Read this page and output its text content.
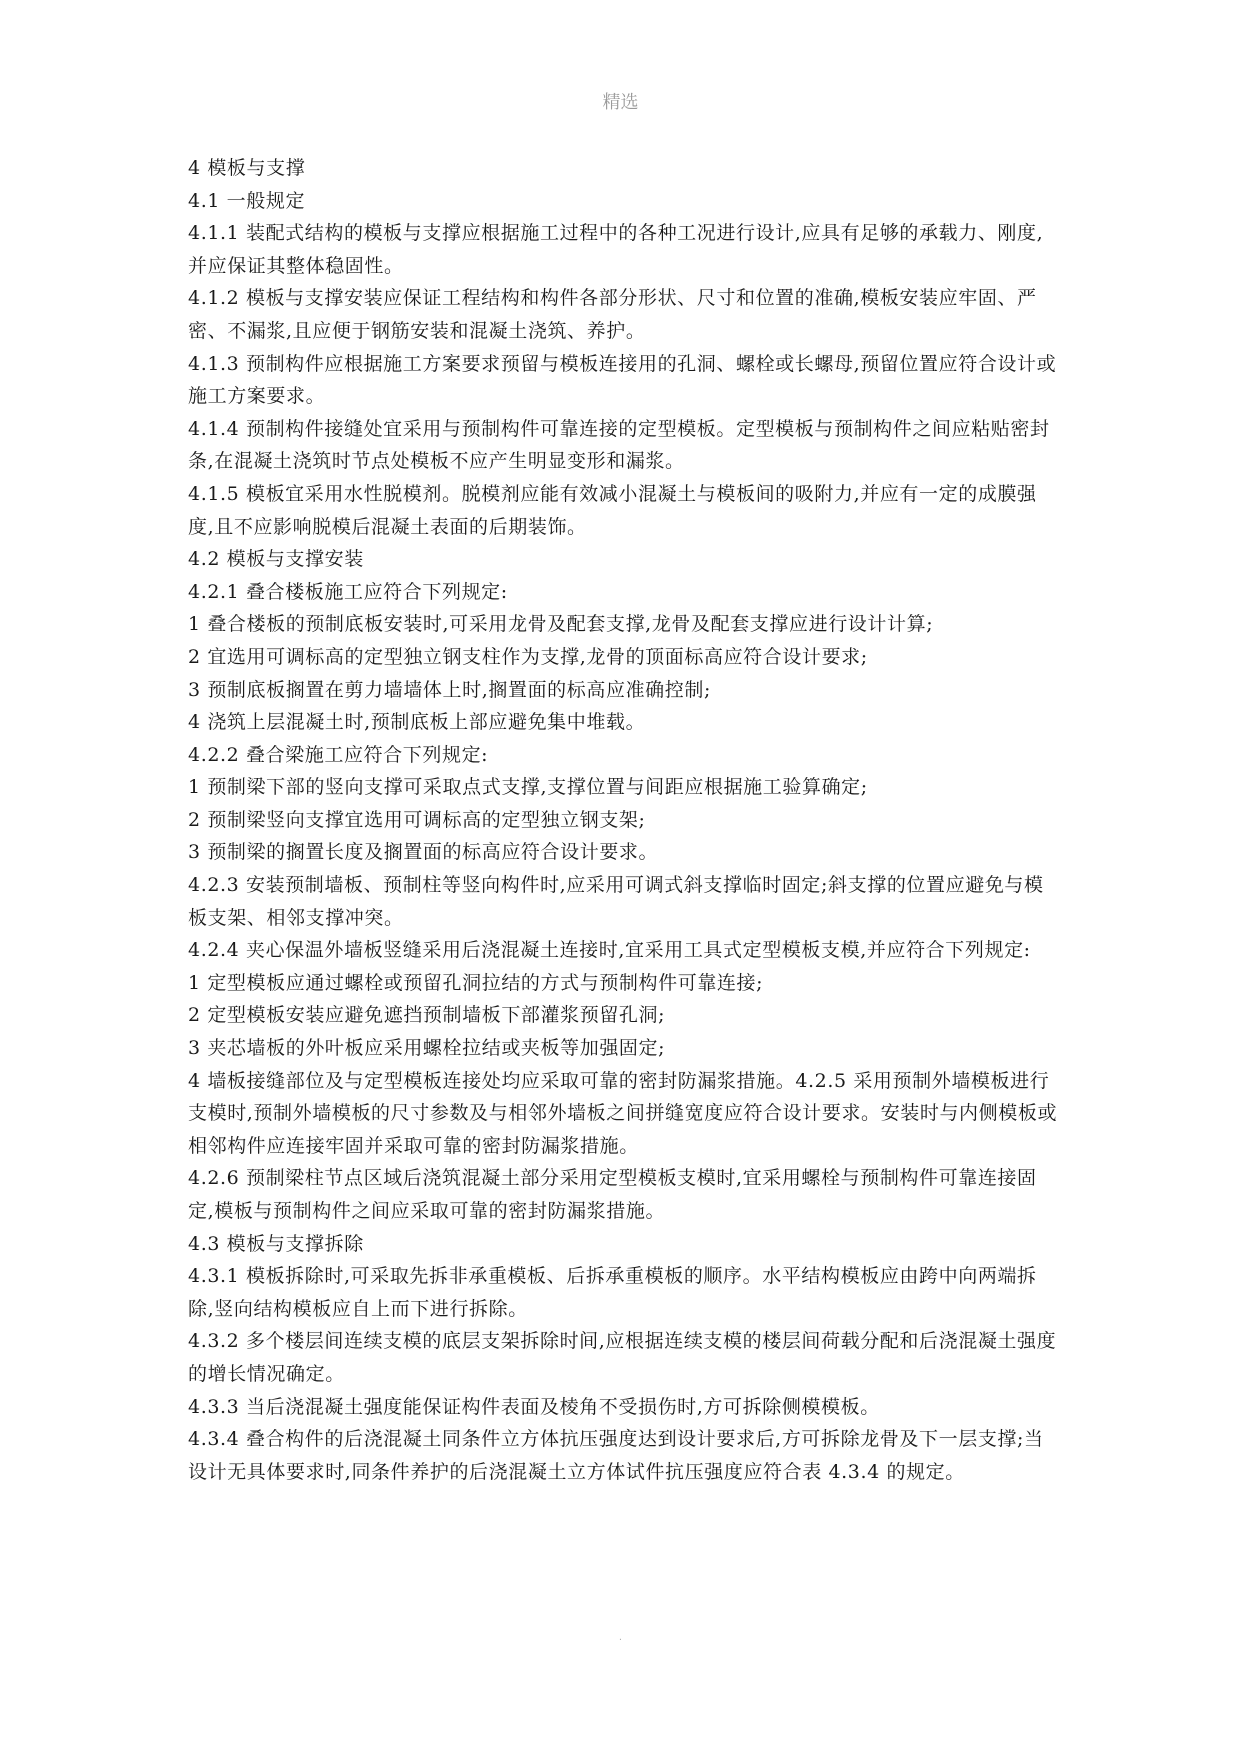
精选

4 模板与支撑

4.1 一般规定

4.1.1 装配式结构的模板与支撑应根据施工过程中的各种工况进行设计,应具有足够的承载力、刚度,并应保证其整体稳固性。

4.1.2 模板与支撑安装应保证工程结构和构件各部分形状、尺寸和位置的准确,模板安装应牢固、严密、不漏浆,且应便于钢筋安装和混凝土浇筑、养护。

4.1.3 预制构件应根据施工方案要求预留与模板连接用的孔洞、螺栓或长螺母,预留位置应符合设计或施工方案要求。

4.1.4 预制构件接缝处宜采用与预制构件可靠连接的定型模板。定型模板与预制构件之间应粘贴密封条,在混凝土浇筑时节点处模板不应产生明显变形和漏浆。

4.1.5 模板宜采用水性脱模剂。脱模剂应能有效减小混凝土与模板间的吸附力,并应有一定的成膜强度,且不应影响脱模后混凝土表面的后期装饰。

4.2 模板与支撑安装

4.2.1 叠合楼板施工应符合下列规定:

1 叠合楼板的预制底板安装时,可采用龙骨及配套支撑,龙骨及配套支撑应进行设计计算;

2 宜选用可调标高的定型独立钢支柱作为支撑,龙骨的顶面标高应符合设计要求;

3 预制底板搁置在剪力墙墙体上时,搁置面的标高应准确控制;

4 浇筑上层混凝土时,预制底板上部应避免集中堆载。

4.2.2 叠合梁施工应符合下列规定:

1 预制梁下部的竖向支撑可采取点式支撑,支撑位置与间距应根据施工验算确定;

2 预制梁竖向支撑宜选用可调标高的定型独立钢支架;

3 预制梁的搁置长度及搁置面的标高应符合设计要求。

4.2.3 安装预制墙板、预制柱等竖向构件时,应采用可调式斜支撑临时固定;斜支撑的位置应避免与模板支架、相邻支撑冲突。

4.2.4 夹心保温外墙板竖缝采用后浇混凝土连接时,宜采用工具式定型模板支模,并应符合下列规定:

1 定型模板应通过螺栓或预留孔洞拉结的方式与预制构件可靠连接;

2 定型模板安装应避免遮挡预制墙板下部灌浆预留孔洞;

3 夹芯墙板的外叶板应采用螺栓拉结或夹板等加强固定;

4 墙板接缝部位及与定型模板连接处均应采取可靠的密封防漏浆措施。4.2.5 采用预制外墙模板进行支模时,预制外墙模板的尺寸参数及与相邻外墙板之间拼缝宽度应符合设计要求。安装时与内侧模板或相邻构件应连接牢固并采取可靠的密封防漏浆措施。

4.2.6 预制梁柱节点区域后浇筑混凝土部分采用定型模板支模时,宜采用螺栓与预制构件可靠连接固定,模板与预制构件之间应采取可靠的密封防漏浆措施。

4.3 模板与支撑拆除

4.3.1 模板拆除时,可采取先拆非承重模板、后拆承重模板的顺序。水平结构模板应由跨中向两端拆除,竖向结构模板应自上而下进行拆除。

4.3.2 多个楼层间连续支模的底层支架拆除时间,应根据连续支模的楼层间荷载分配和后浇混凝土强度的增长情况确定。

4.3.3 当后浇混凝土强度能保证构件表面及棱角不受损伤时,方可拆除侧模模板。

4.3.4 叠合构件的后浇混凝土同条件立方体抗压强度达到设计要求后,方可拆除龙骨及下一层支撑;当设计无具体要求时,同条件养护的后浇混凝土立方体试件抗压强度应符合表 4.3.4 的规定。

.
